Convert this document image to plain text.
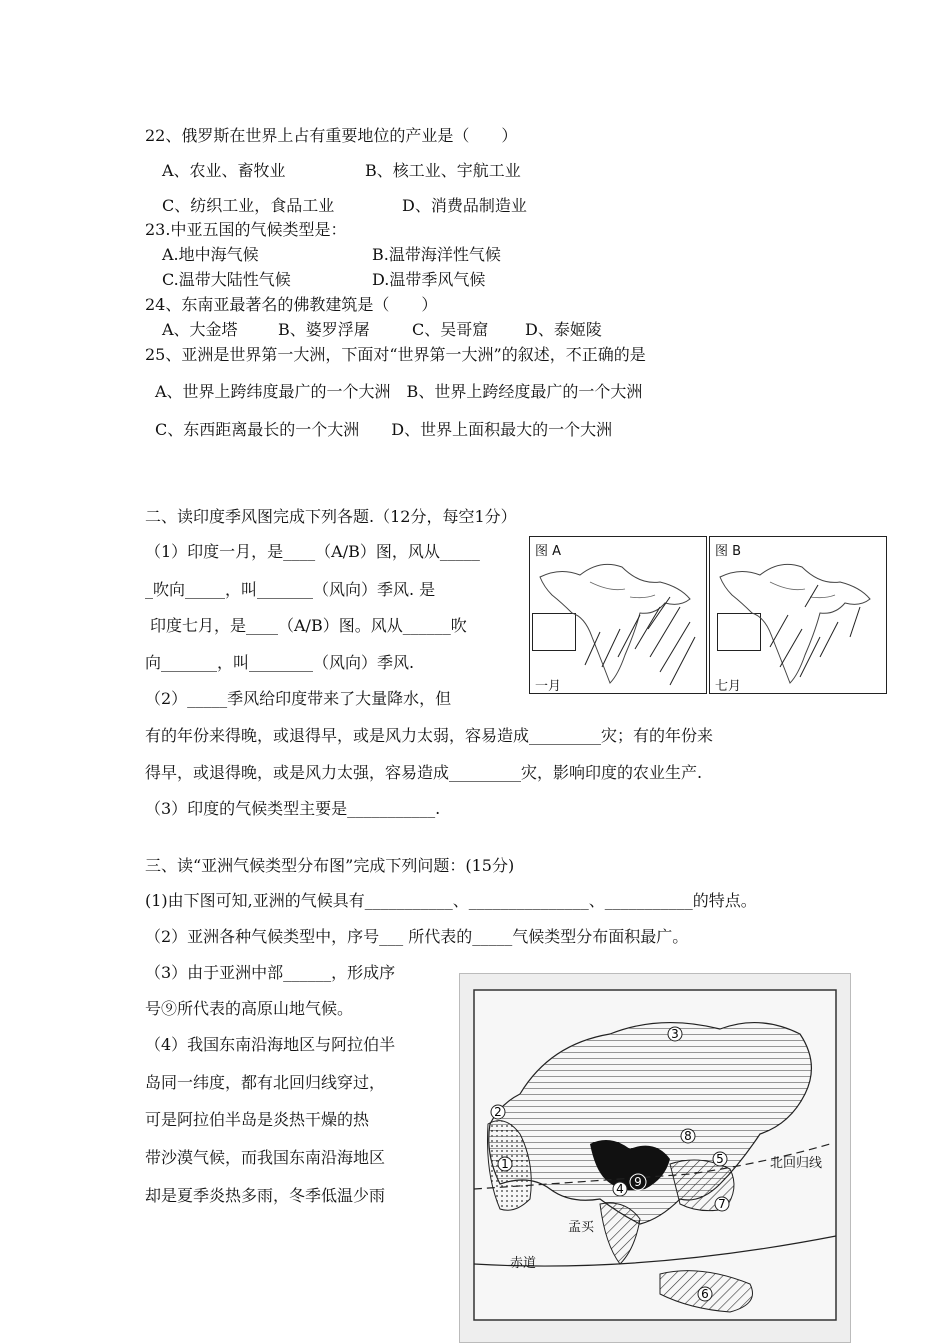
22、俄罗斯在世界上占有重要地位的产业是（　　）
A、农业、畜牧业	B、核工业、宇航工业
C、纺织工业，食品工业	D、消费品制造业
23.中亚五国的气候类型是：
A.地中海气候	B.温带海洋性气候
C.温带大陆性气候	D.温带季风气候
24、东南亚最著名的佛教建筑是（　　）
A、大金塔	B、婆罗浮屠	C、吴哥窟 D、泰姬陵
25、亚洲是世界第一大洲，下面对“世界第一大洲”的叙述，不正确的是
A、世界上跨纬度最广的一个大洲　B、世界上跨经度最广的一个大洲
C、东西距离最长的一个大洲　　D、世界上面积最大的一个大洲
二、读印度季风图完成下列各题.（12分，每空1分）
（1）印度一月，是____（A/B）图，风从_____
_吹向_____，叫_______（风向）季风. 是
印度七月，是____（A/B）图。风从______吹
向_______，叫________（风向）季风.
（2）_____季风给印度带来了大量降水，但
有的年份来得晚，或退得早，或是风力太弱，容易造成_________灾；有的年份来
得早，或退得晚，或是风力太强，容易造成_________灾，影响印度的农业生产.
（3）印度的气候类型主要是___________.
图 A
一月
图 B
七月
三、读“亚洲气候类型分布图”完成下列问题：(15分)
(1)由下图可知,亚洲的气候具有___________、_______________、___________的特点。
（2）亚洲各种气候类型中，序号___ 所代表的_____气候类型分布面积最广。
（3）由于亚洲中部______，形成序
号⑨所代表的高原山地气候。
（4）我国东南沿海地区与阿拉伯半
岛同一纬度，都有北回归线穿过，
可是阿拉伯半岛是炎热干燥的热
带沙漠气候，而我国东南沿海地区
却是夏季炎热多雨，冬季低温少雨
1
2
3
4
5
6
7
8
9
北回归线
赤道
孟买
